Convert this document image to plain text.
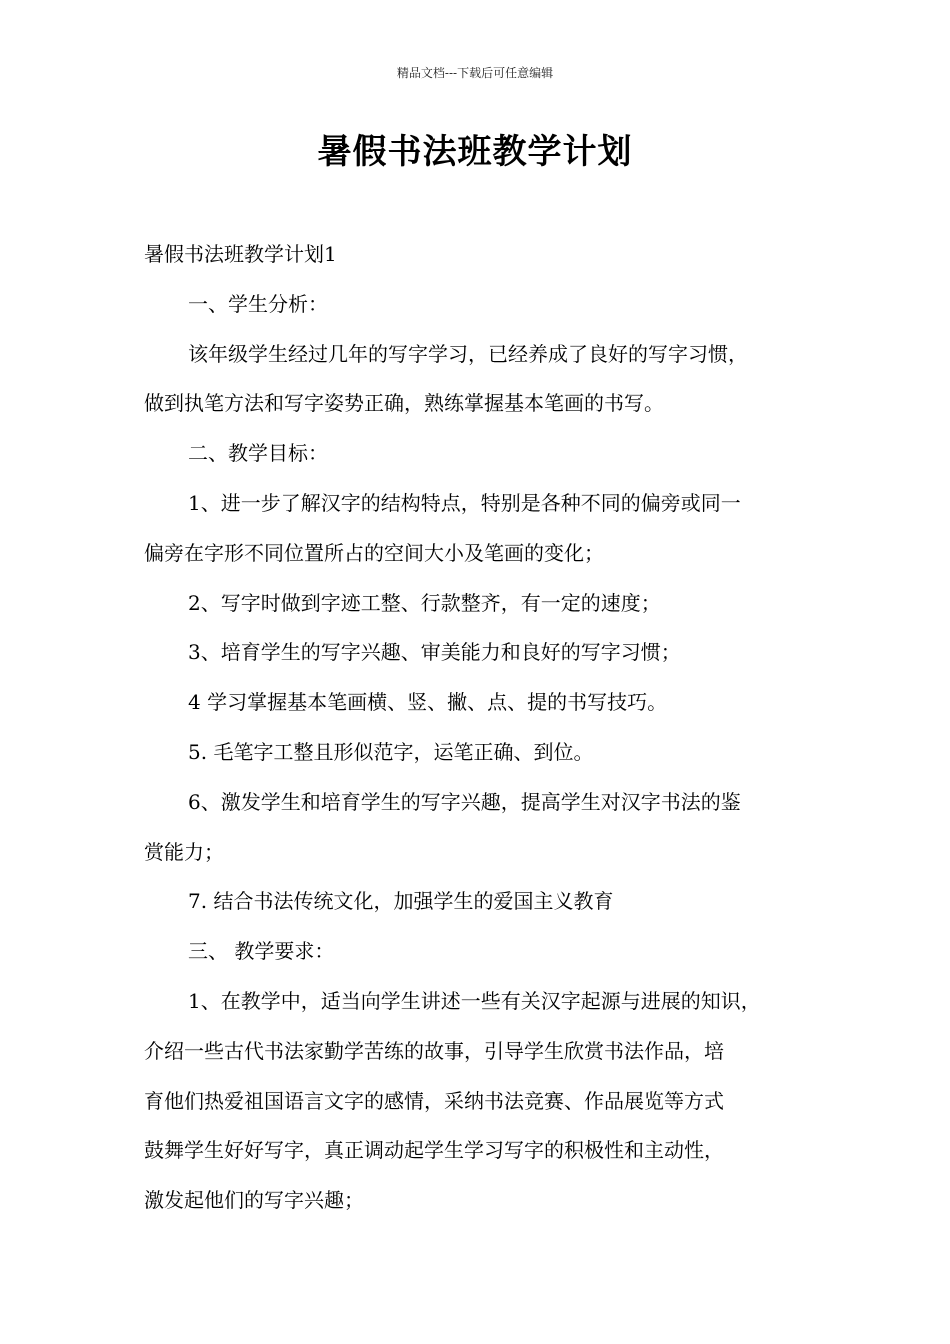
精品文档---下载后可任意编辑
暑假书法班教学计划
暑假书法班教学计划1
一、学生分析：
该年级学生经过几年的写字学习，已经养成了良好的写字习惯，
做到执笔方法和写字姿势正确，熟练掌握基本笔画的书写。
二、教学目标：
1、进一步了解汉字的结构特点，特别是各种不同的偏旁或同一
偏旁在字形不同位置所占的空间大小及笔画的变化；
2、写字时做到字迹工整、行款整齐，有一定的速度；
3、培育学生的写字兴趣、审美能力和良好的写字习惯；
4 学习掌握基本笔画横、竖、撇、点、提的书写技巧。
5. 毛笔字工整且形似范字，运笔正确、到位。
6、激发学生和培育学生的写字兴趣，提高学生对汉字书法的鉴
赏能力；
7. 结合书法传统文化，加强学生的爱国主义教育
三、 教学要求：
1、在教学中，适当向学生讲述一些有关汉字起源与进展的知识，
介绍一些古代书法家勤学苦练的故事，引导学生欣赏书法作品，培
育他们热爱祖国语言文字的感情，采纳书法竞赛、作品展览等方式
鼓舞学生好好写字，真正调动起学生学习写字的积极性和主动性，
激发起他们的写字兴趣；
